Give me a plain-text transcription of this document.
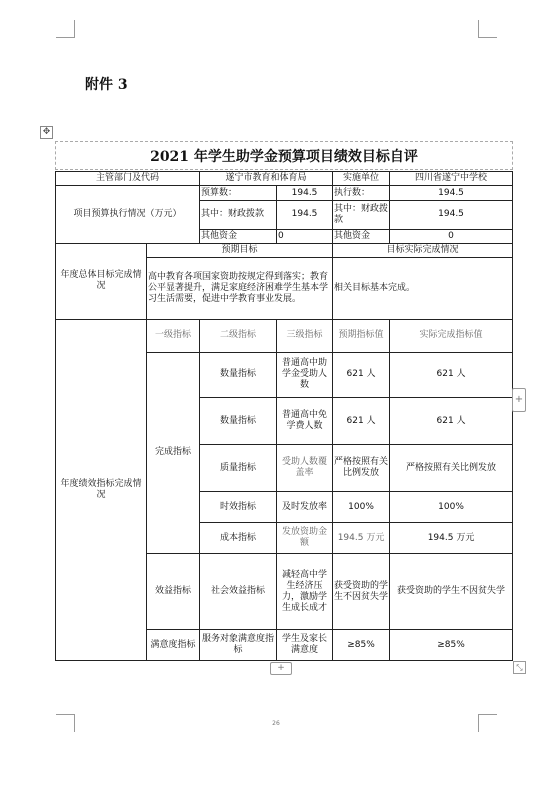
附件 3
✥
2021 年学生助学金预算项目绩效目标自评
主管部门及代码		遂宁市教育和体育局		实施单位	四川省遂宁中学校
项目预算执行情况（万元）		预算数：	194.5	执行数：	194.5
		其中：财政拨款	194.5	其中：财政拨款	194.5
		其他资金	0	其他资金	0
年度总体目标完成情况	预期目标			目标实际完成情况	
	高中教育各项国家资助按规定得到落实；教育公平显著提升，满足家庭经济困难学生基本学习生活需要，促进中学教育事业发展。			相关目标基本完成。	
年度绩效指标完成情况	一级指标	二级指标	三级指标	预期指标值	实际完成指标值
	完成指标	数量指标	普通高中助学金受助人数	621 人	621 人
		数量指标	普通高中免学费人数	621 人	621 人
		质量指标	受助人数覆盖率	严格按照有关比例发放	严格按照有关比例发放
		时效指标	及时发放率	100%	100%
		成本指标	发放资助金额	194.5 万元	194.5 万元
	效益指标	社会效益指标	减轻高中学生经济压力，激励学生成长成才	获受资助的学生不因贫失学	获受资助的学生不因贫失学
	满意度指标	服务对象满意度指标	学生及家长满意度	≥85%	≥85%
+
+	⤡
26
